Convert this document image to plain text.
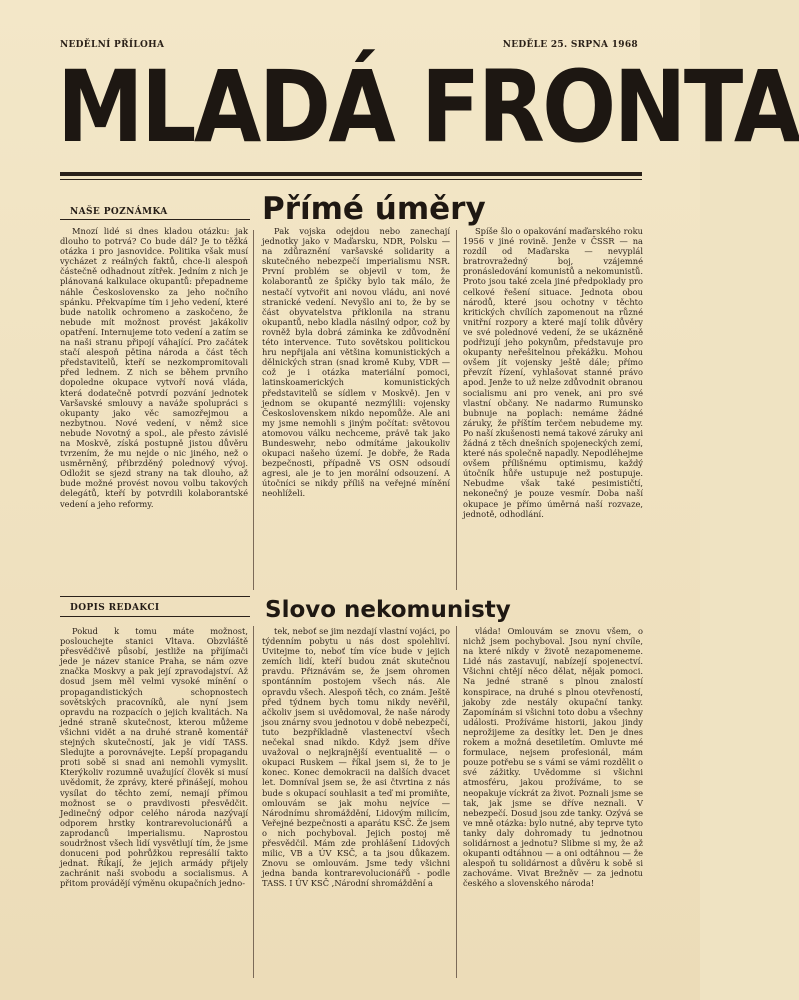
NEDĚLNÍ PŘÍLOHA	NEDĚLE 25. SRPNA 1968
MLADÁ FRONTA
NAŠE POZNÁMKA	Přímé úměry

Mnozí lidé si dnes kladou otázku: jak dlouho to potrvá? Co bude dál? Je to těžká otázka i pro jasnovidce. Politika však musí vycházet z reálných faktů, chce-li alespoň částečně odhadnout zítřek. Jedním z nich je plánovaná kalkulace okupantů: přepadneme náhle Československo za jeho nočního spánku. Překvapíme tím i jeho vedení, které bude natolik ochromeno a zaskočeno, že nebude mít možnost provést jakákoliv opatření. Internujeme toto vedení a zatím se na naši stranu připojí váhající. Pro začátek stačí alespoň pětina národa a část těch představitelů, kteří se nezkompromitovali před lednem. Z nich se během prvního dopoledne okupace vytvoří nová vláda, která dodatečně potvrdí pozvání jednotek Varšavské smlouvy a naváže spolupráci s okupanty jako věc samozřejmou a nezbytnou. Nové vedení, v němž sice nebude Novotný a spol., ale přesto závislé na Moskvě, získá postupně jistou důvěru tvrzením, že mu nejde o nic jiného, než o usměrněný, přibrzděný polednový vývoj. Odložit se sjezd strany na tak dlouho, až bude možné provést novou volbu takových delegátů, kteří by potvrdili kolaborantské vedení a jeho reformy.

Pak vojska odejdou nebo zanechají jednotky jako v Maďarsku, NDR, Polsku — na zdůraznění varšavské solidarity a skutečného nebezpečí imperialismu NSR. První problém se objevil v tom, že kolaborantů ze špičky bylo tak málo, že nestačí vytvořit ani novou vládu, ani nové stranické vedení. Nevyšlo ani to, že by se část obyvatelstva přiklonila na stranu okupantů, nebo kladla násilný odpor, což by rovněž byla dobrá záminka ke zdůvodnění této intervence. Tuto sovětskou politickou hru nepřijala ani většina komunistických a dělnických stran (snad kromě Kuby, VDR — což je i otázka materiální pomoci, latinskoamerických komunistických představitelů se sídlem v Moskvě). Jen v jednom se okupanté nezmýlili: vojensky Československem nikdo nepomůže. Ale ani my jsme nemohli s jiným počítat: světovou atomovou válku nechceme, právě tak jako Bundeswehr, nebo odmítáme jakoukoliv okupaci našeho území. Je dobře, že Rada bezpečnosti, případně VS OSN odsoudí agresi, ale je to jen morální odsouzení. A útočníci se nikdy příliš na veřejné mínění neohlíželi.

Spíše šlo o opakování maďarského roku 1956 v jiné rovině. Jenže v ČSSR — na rozdíl od Maďarska — nevyplál bratrovražedný boj, vzájemné pronásledování komunistů a nekomunistů. Proto jsou také zcela jiné předpoklady pro celkové řešení situace. Jednota obou národů, které jsou ochotny v těchto kritických chvílích zapomenout na různé vnitřní rozpory a které mají tolik důvěry ve své polednové vedení, že se ukázněně podřizují jeho pokynům, představuje pro okupanty neřešitelnou překážku. Mohou ovšem jít vojensky ještě dále; přímo převzít řízení, vyhlašovat stanné právo apod. Jenže to už nelze zdůvodnit obranou socialismu ani pro venek, ani pro své vlastní občany. Ne nadarmo Rumunsko bubnuje na poplach: nemáme žádné záruky, že příštím terčem nebudeme my. Po naší zkušenosti nemá takové záruky ani žádná z těch dnešních spojeneckých zemí, které nás společně napadly. Nepodléhejme ovšem přílišnému optimismu, každý útočník hůře ustupuje než postupuje. Nebudme však také pesimističtí, nekonečný je pouze vesmír. Doba naší okupace je přímo úměrná naší rozvaze, jednotě, odhodlání.

DOPIS REDAKCI	Slovo nekomunisty

Pokud k tomu máte možnost, poslouchejte stanici Vltava. Obzvláště přesvědčivě působí, jestliže na přijímači jede je název stanice Praha, se nám ozve značka Moskvy a pak její zpravodajství. Až dosud jsem měl velmi vysoké mínění o propagandistických schopnostech sovětských pracovníků, ale nyní jsem opravdu na rozpacích o jejich kvalitách. Na jedné straně skutečnost, kterou můžeme všichni vidět a na druhé straně komentář stejných skutečností, jak je vidí TASS. Sledujte a porovnávejte. Lepší propagandu proti sobě si snad ani nemohli vymyslit. Kterýkoliv rozumně uvažující člověk si musí uvědomit, že zprávy, které přinášejí, mohou vysílat do těchto zemí, nemají přímou možnost se o pravdivosti přesvědčit. Jedinečný odpor celého národa nazývají odporem hrstky kontrarevolucionářů a zaprodanců imperialismu. Naprostou soudržnost všech lidí vysvětlují tím, že jsme donuceni pod pohrůžkou represálií takto jednat. Říkají, že jejich armády přijely zachránit naši svobodu a socialismus. A přitom provádějí výměnu okupačních jedno-

tek, neboť se jim nezdají vlastní vojáci, po týdenním pobytu u nás dost spolehliví. Uvitejme to, neboť tím více bude v jejich zemích lidí, kteří budou znát skutečnou pravdu. Přiznávám se, že jsem ohromen spontánním postojem všech nás. Ale opravdu všech. Alespoň těch, co znám. Ještě před týdnem bych tomu nikdy nevěřil, ačkoliv jsem si uvědomoval, že naše národy jsou znárny svou jednotou v době nebezpečí, tuto bezpříkladně vlastenectví všech nečekal snad nikdo. Když jsem dříve uvažoval o nejkrajnější eventualitě — o okupaci Ruskem — říkal jsem si, že to je konec. Konec demokracii na dalších dvacet let. Domníval jsem se, že asi čtvrtina z nás bude s okupací souhlasit a teď mi promiňte, omlouvám se jak mohu nejvíce — Národnímu shromáždění, Lidovým milicím, Veřejné bezpečnosti a aparátu KSČ. Že jsem o nich pochyboval. Jejich postoj mě přesvědčil. Mám zde prohlášení Lidových milic, VB a ÚV KSČ, a ta jsou důkazem. Znovu se omlouvám. Jsme tedy všichni jedna banda kontrarevolucionářů - podle TASS. I ÚV KSČ ,Národní shromáždění a

vláda! Omlouvám se znovu všem, o nichž jsem pochyboval. Jsou nyní chvíle, na které nikdy v životě nezapomeneme. Lidé nás zastavují, nabízejí spojenectví. Všichni chtějí něco dělat, nějak pomoci. Na jedné straně s plnou znalostí konspirace, na druhé s plnou otevřeností, jakoby zde nestály okupační tanky. Zapomínám si všichni toto dobu a všechny události. Prožíváme historii, jakou jindy neprožijeme za desítky let. Den je dnes rokem a možná desetiletím. Omluvte mé formulace, nejsem profesionál, mám pouze potřebu se s vámi se vámi rozdělit o své zážitky. Uvědomme si všichni atmosféru, jakou prožíváme, to se neopakuje víckrát za život. Poznali jsme se tak, jak jsme se dříve neznali. V nebezpečí. Dosud jsou zde tanky. Ozývá se ve mně otázka: bylo nutné, aby teprve tyto tanky daly dohromady tu jednotnou solidárnost a jednotu? Slibme si my, že až okupanti odtáhnou — a oni odtáhnou — že alespoň tu solidárnost a důvěru k sobě si zachováme. Vivat Brežněv — za jednotu českého a slovenského národa!
